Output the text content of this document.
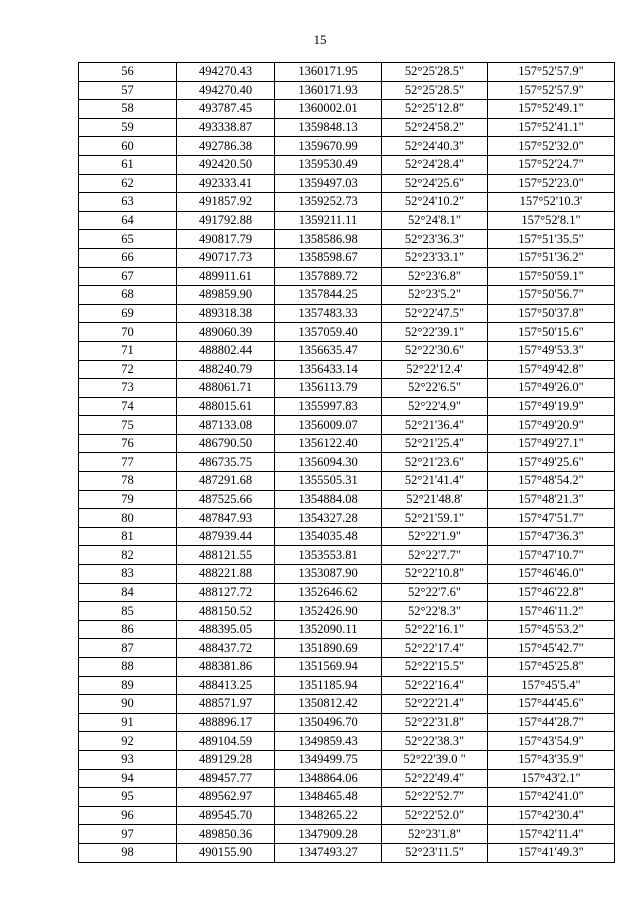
15
56	494270.43	1360171.95	52°25'28.5"	157°52'57.9"
57	494270.40	1360171.93	52°25'28.5"	157°52'57.9"
58	493787.45	1360002.01	52°25'12.8"	157°52'49.1"
59	493338.87	1359848.13	52°24'58.2"	157°52'41.1"
60	492786.38	1359670.99	52°24'40.3"	157°52'32.0"
61	492420.50	1359530.49	52°24'28.4"	157°52'24.7"
62	492333.41	1359497.03	52°24'25.6"	157°52'23.0"
63	491857.92	1359252.73	52°24'10.2"	157°52'10.3'
64	491792.88	1359211.11	52°24'8.1"	157°52'8.1"
65	490817.79	1358586.98	52°23'36.3"	157°51'35.5"
66	490717.73	1358598.67	52°23'33.1"	157°51'36.2"
67	489911.61	1357889.72	52°23'6.8"	157°50'59.1"
68	489859.90	1357844.25	52°23'5.2"	157°50'56.7"
69	489318.38	1357483.33	52°22'47.5"	157°50'37.8"
70	489060.39	1357059.40	52°22'39.1"	157°50'15.6"
71	488802.44	1356635.47	52°22'30.6"	157°49'53.3"
72	488240.79	1356433.14	52°22'12.4'	157°49'42.8"
73	488061.71	1356113.79	52°22'6.5"	157°49'26.0"
74	488015.61	1355997.83	52°22'4.9"	157°49'19.9"
75	487133.08	1356009.07	52°21'36.4"	157°49'20.9"
76	486790.50	1356122.40	52°21'25.4"	157°49'27.1"
77	486735.75	1356094.30	52°21'23.6"	157°49'25.6"
78	487291.68	1355505.31	52°21'41.4"	157°48'54.2"
79	487525.66	1354884.08	52°21'48.8'	157°48'21.3"
80	487847.93	1354327.28	52°21'59.1"	157°47'51.7"
81	487939.44	1354035.48	52°22'1.9"	157°47'36.3"
82	488121.55	1353553.81	52°22'7.7"	157°47'10.7"
83	488221.88	1353087.90	52°22'10.8"	157°46'46.0"
84	488127.72	1352646.62	52°22'7.6"	157°46'22.8"
85	488150.52	1352426.90	52°22'8.3"	157°46'11.2"
86	488395.05	1352090.11	52°22'16.1"	157°45'53.2"
87	488437.72	1351890.69	52°22'17.4"	157°45'42.7"
88	488381.86	1351569.94	52°22'15.5"	157°45'25.8"
89	488413.25	1351185.94	52°22'16.4"	157°45'5.4"
90	488571.97	1350812.42	52°22'21.4"	157°44'45.6"
91	488896.17	1350496.70	52°22'31.8"	157°44'28.7"
92	489104.59	1349859.43	52°22'38.3"	157°43'54.9"
93	489129.28	1349499.75	52°22'39.0 "	157°43'35.9"
94	489457.77	1348864.06	52°22'49.4"	157°43'2.1"
95	489562.97	1348465.48	52°22'52.7"	157°42'41.0"
96	489545.70	1348265.22	52°22'52.0"	157°42'30.4"
97	489850.36	1347909.28	52°23'1.8"	157°42'11.4"
98	490155.90	1347493.27	52°23'11.5"	157°41'49.3"
